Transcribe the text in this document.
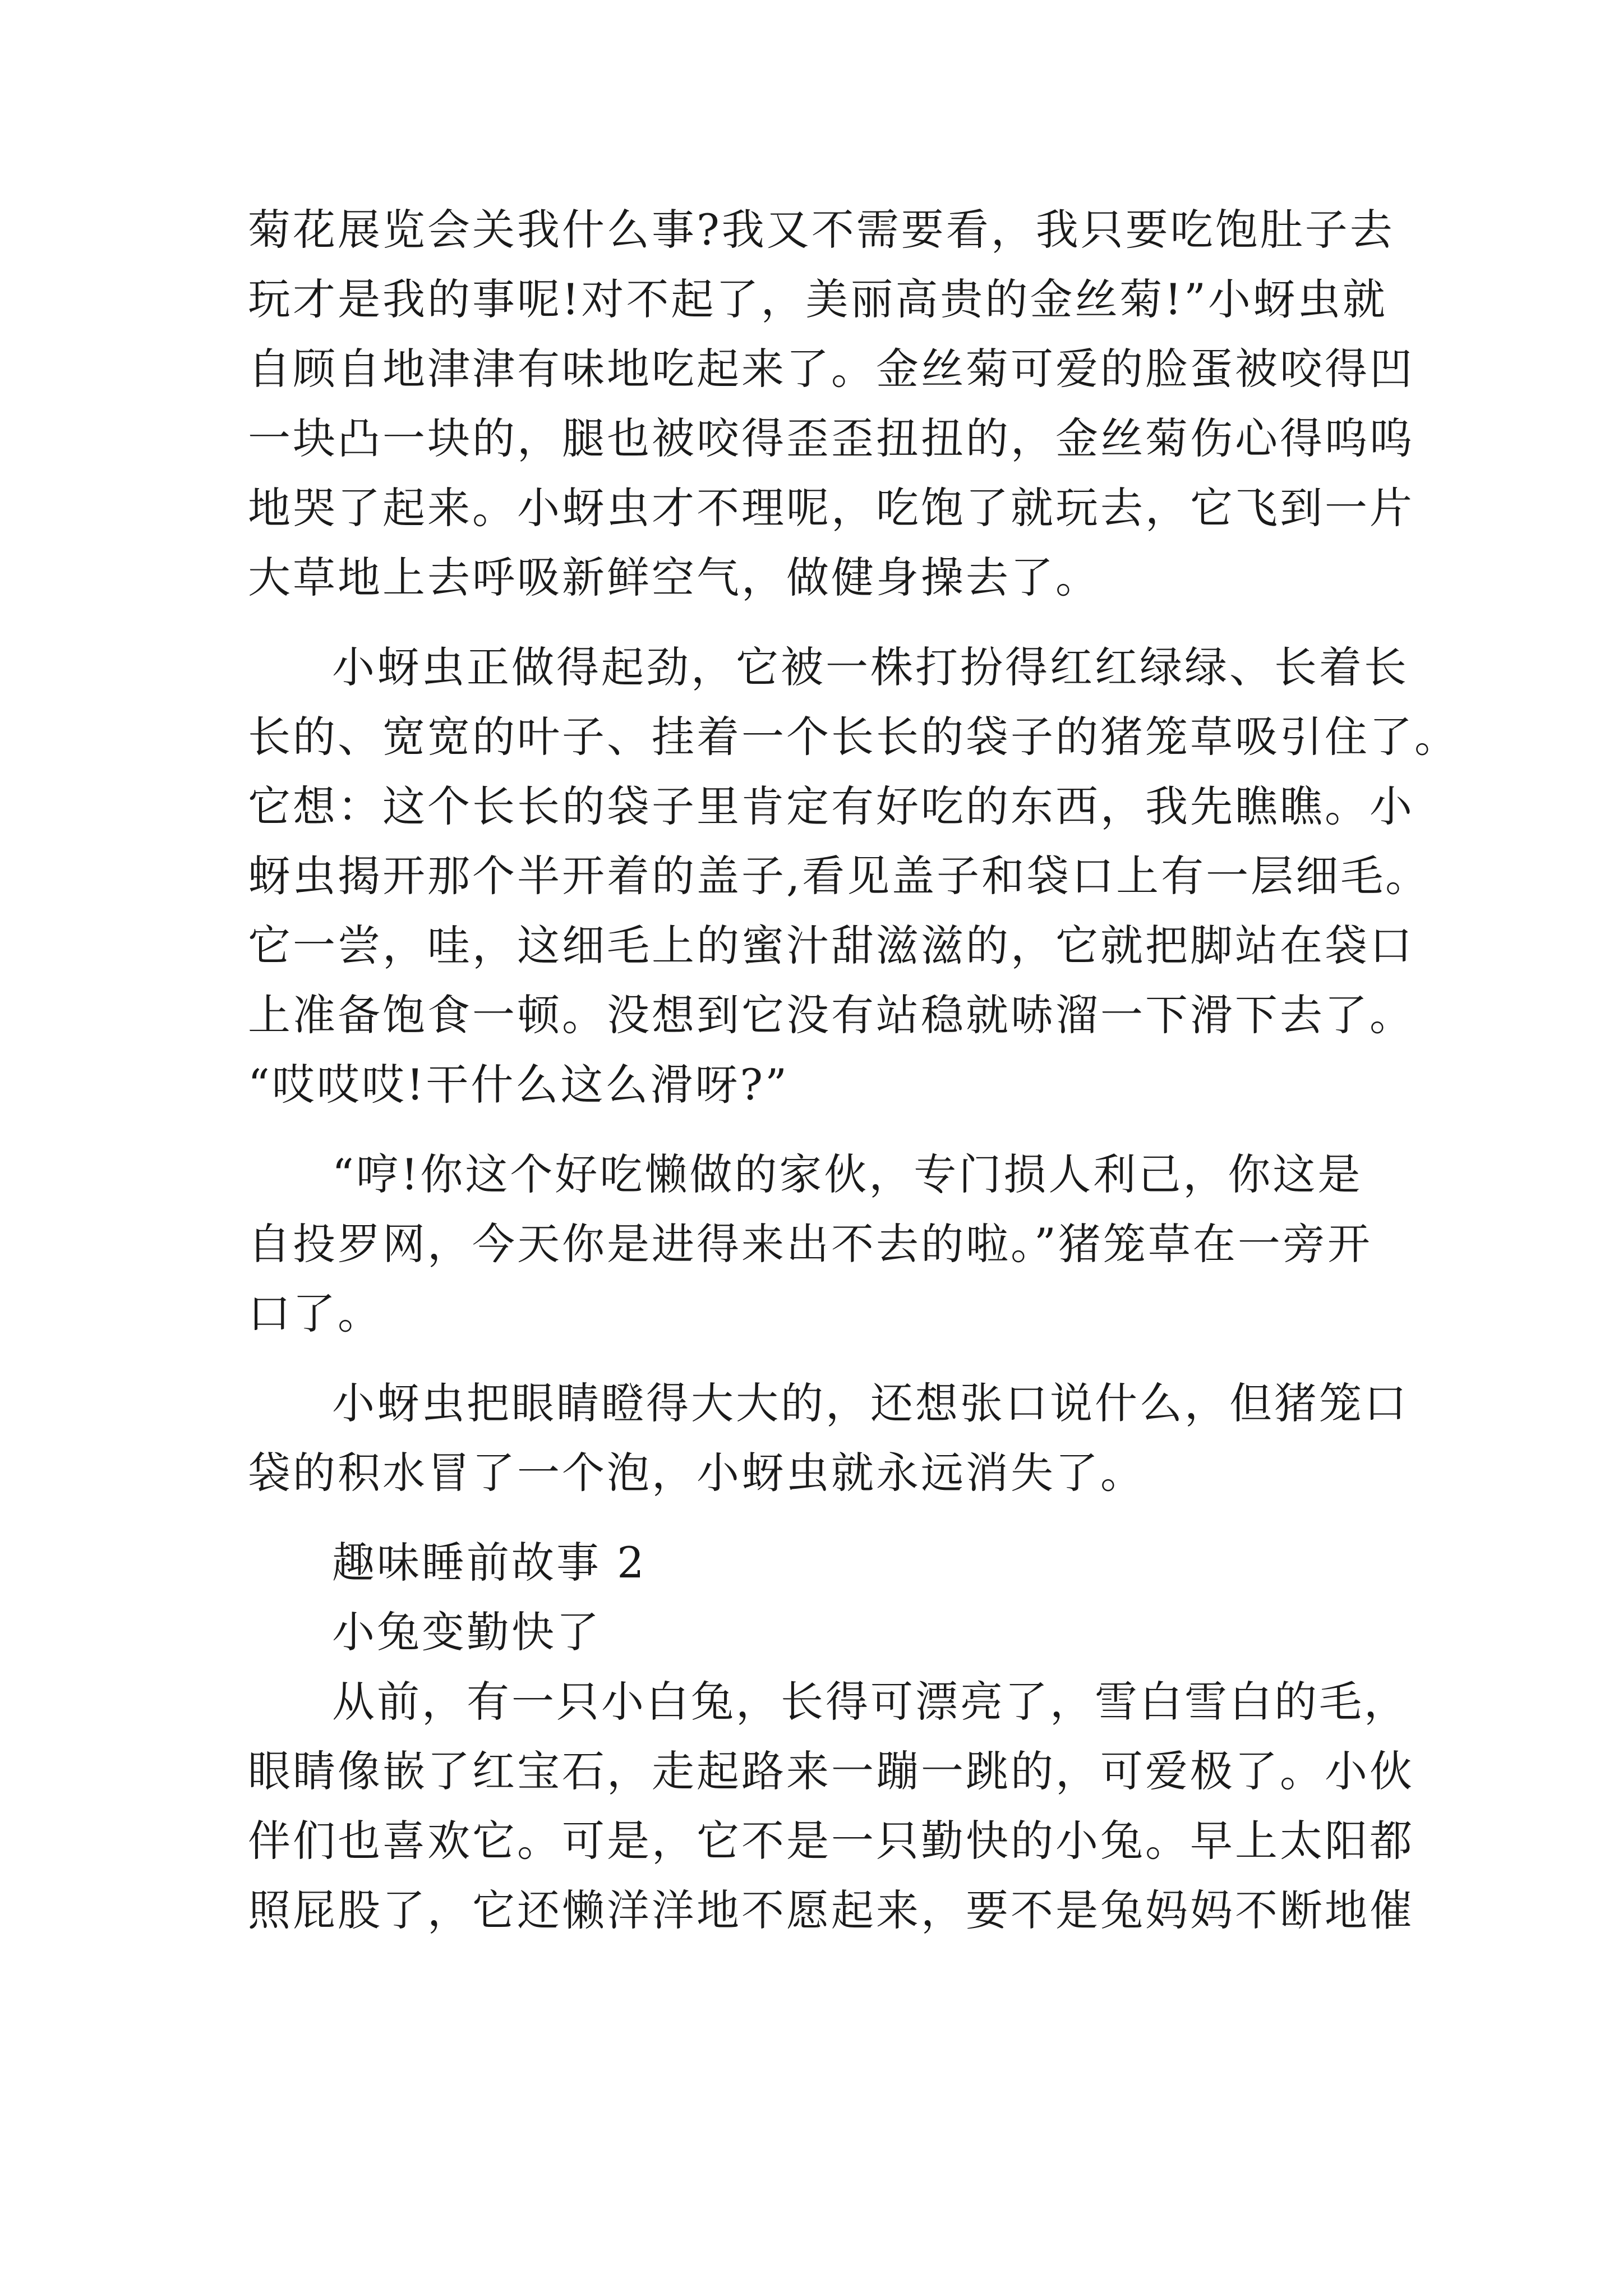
菊花展览会关我什么事?我又不需要看，我只要吃饱肚子去
玩才是我的事呢!对不起了，美丽高贵的金丝菊!”小蚜虫就
自顾自地津津有味地吃起来了。金丝菊可爱的脸蛋被咬得凹
一块凸一块的，腿也被咬得歪歪扭扭的，金丝菊伤心得呜呜
地哭了起来。小蚜虫才不理呢，吃饱了就玩去，它飞到一片
大草地上去呼吸新鲜空气，做健身操去了。
小蚜虫正做得起劲，它被一株打扮得红红绿绿、长着长
长的、宽宽的叶子、挂着一个长长的袋子的猪笼草吸引住了。
它想：这个长长的袋子里肯定有好吃的东西，我先瞧瞧。小
蚜虫揭开那个半开着的盖子,看见盖子和袋口上有一层细毛。
它一尝，哇，这细毛上的蜜汁甜滋滋的，它就把脚站在袋口
上准备饱食一顿。没想到它没有站稳就哧溜一下滑下去了。
“哎哎哎!干什么这么滑呀?”
“哼!你这个好吃懒做的家伙，专门损人利己，你这是
自投罗网，今天你是进得来出不去的啦。”猪笼草在一旁开
口了。
小蚜虫把眼睛瞪得大大的，还想张口说什么，但猪笼口
袋的积水冒了一个泡，小蚜虫就永远消失了。
趣味睡前故事 2
小兔变勤快了
从前，有一只小白兔，长得可漂亮了，雪白雪白的毛，
眼睛像嵌了红宝石，走起路来一蹦一跳的，可爱极了。小伙
伴们也喜欢它。可是，它不是一只勤快的小兔。早上太阳都
照屁股了，它还懒洋洋地不愿起来，要不是兔妈妈不断地催
